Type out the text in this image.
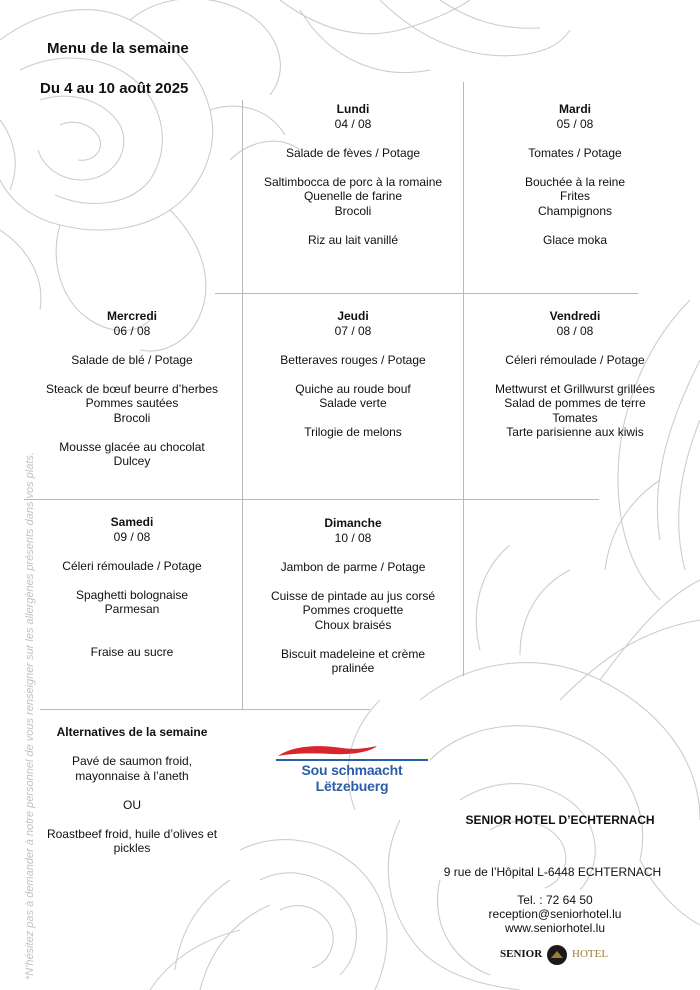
Menu de la semaine
Du 4 au 10 août 2025
Lundi
04 / 08
Salade de fèves / Potage
Saltimbocca de porc à la romaine
Quenelle de farine
Brocoli
Riz au lait vanillé
Mardi
05 / 08
Tomates / Potage
Bouchée à la reine
Frites
Champignons
Glace moka
Mercredi
06 / 08
Salade de blé / Potage
Steack de bœuf beurre d’herbes
Pommes sautées
Brocoli
Mousse glacée au chocolat
Dulcey
Jeudi
07 / 08
Betteraves rouges / Potage
Quiche au roude bouf
Salade verte
Trilogie de melons
Vendredi
08 / 08
Céleri rémoulade / Potage
Mettwurst et Grillwurst grillées
Salad de pommes de terre
Tomates
Tarte parisienne aux kiwis
Samedi
09 / 08
Céleri rémoulade / Potage
Spaghetti bolognaise
Parmesan
Fraise au sucre
Dimanche
10 / 08
Jambon de parme / Potage
Cuisse de pintade au jus corsé
Pommes croquette
Choux braisés
Biscuit madeleine et crème
pralinée
Alternatives de la semaine
Pavé de saumon froid,
mayonnaise à l’aneth
OU
Roastbeef froid, huile d’olives et
pickles
Sou schmaacht Lëtzebuerg
SENIOR HOTEL D’ECHTERNACH
9 rue de l’Hôpital L-6448 ECHTERNACH
Tel. : 72 64 50
reception@seniorhotel.lu
www.seniorhotel.lu
SENIOR	HOTEL
*N'hésitez pas à demander à notre personnel de vous renseigner sur les allergènes présents dans vos plats.
